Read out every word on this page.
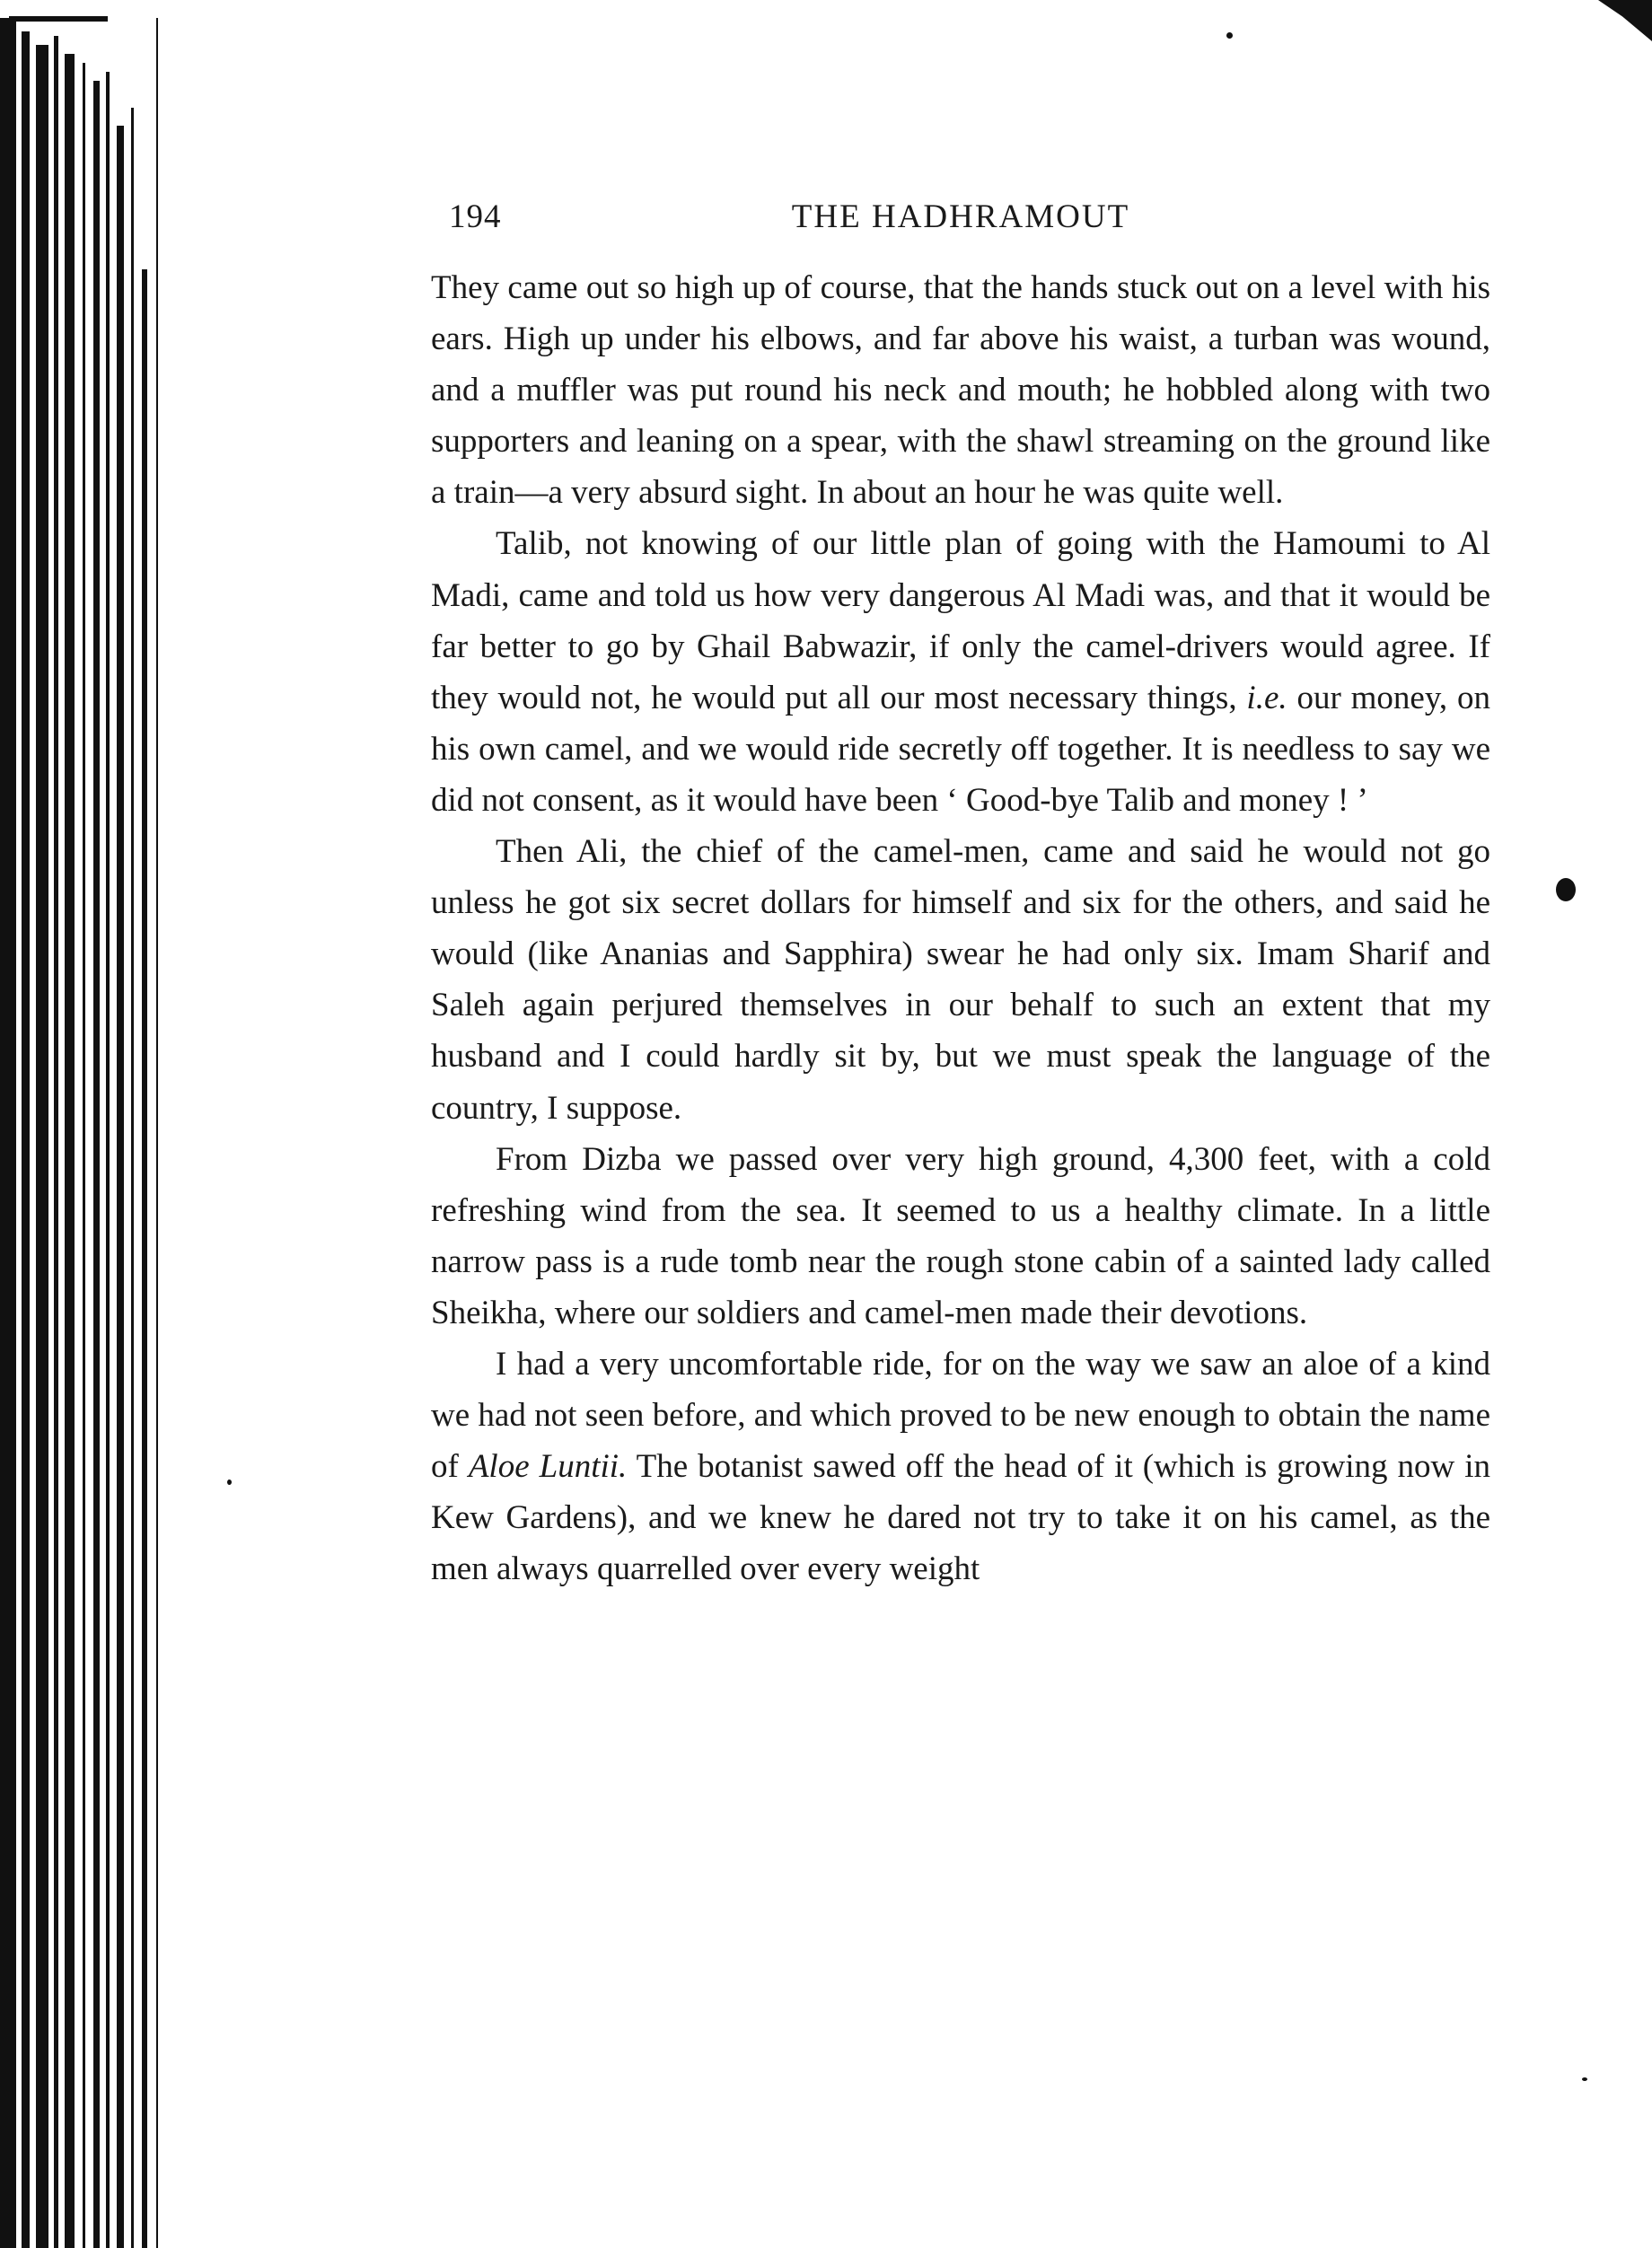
194	THE HADHRAMOUT

They came out so high up of course, that the hands stuck out on a level with his ears. High up under his elbows, and far above his waist, a turban was wound, and a muffler was put round his neck and mouth; he hobbled along with two supporters and leaning on a spear, with the shawl streaming on the ground like a train—a very absurd sight. In about an hour he was quite well.

Talib, not knowing of our little plan of going with the Hamoumi to Al Madi, came and told us how very dangerous Al Madi was, and that it would be far better to go by Ghail Babwazir, if only the camel-drivers would agree. If they would not, he would put all our most necessary things, i.e. our money, on his own camel, and we would ride secretly off together. It is needless to say we did not consent, as it would have been ‘ Good-bye Talib and money ! ’

Then Ali, the chief of the camel-men, came and said he would not go unless he got six secret dollars for himself and six for the others, and said he would (like Ananias and Sapphira) swear he had only six. Imam Sharif and Saleh again perjured themselves in our behalf to such an extent that my husband and I could hardly sit by, but we must speak the language of the country, I suppose.

From Dizba we passed over very high ground, 4,300 feet, with a cold refreshing wind from the sea. It seemed to us a healthy climate. In a little narrow pass is a rude tomb near the rough stone cabin of a sainted lady called Sheikha, where our soldiers and camel-men made their devotions.

I had a very uncomfortable ride, for on the way we saw an aloe of a kind we had not seen before, and which proved to be new enough to obtain the name of Aloe Luntii. The botanist sawed off the head of it (which is growing now in Kew Gardens), and we knew he dared not try to take it on his camel, as the men always quarrelled over every weight
